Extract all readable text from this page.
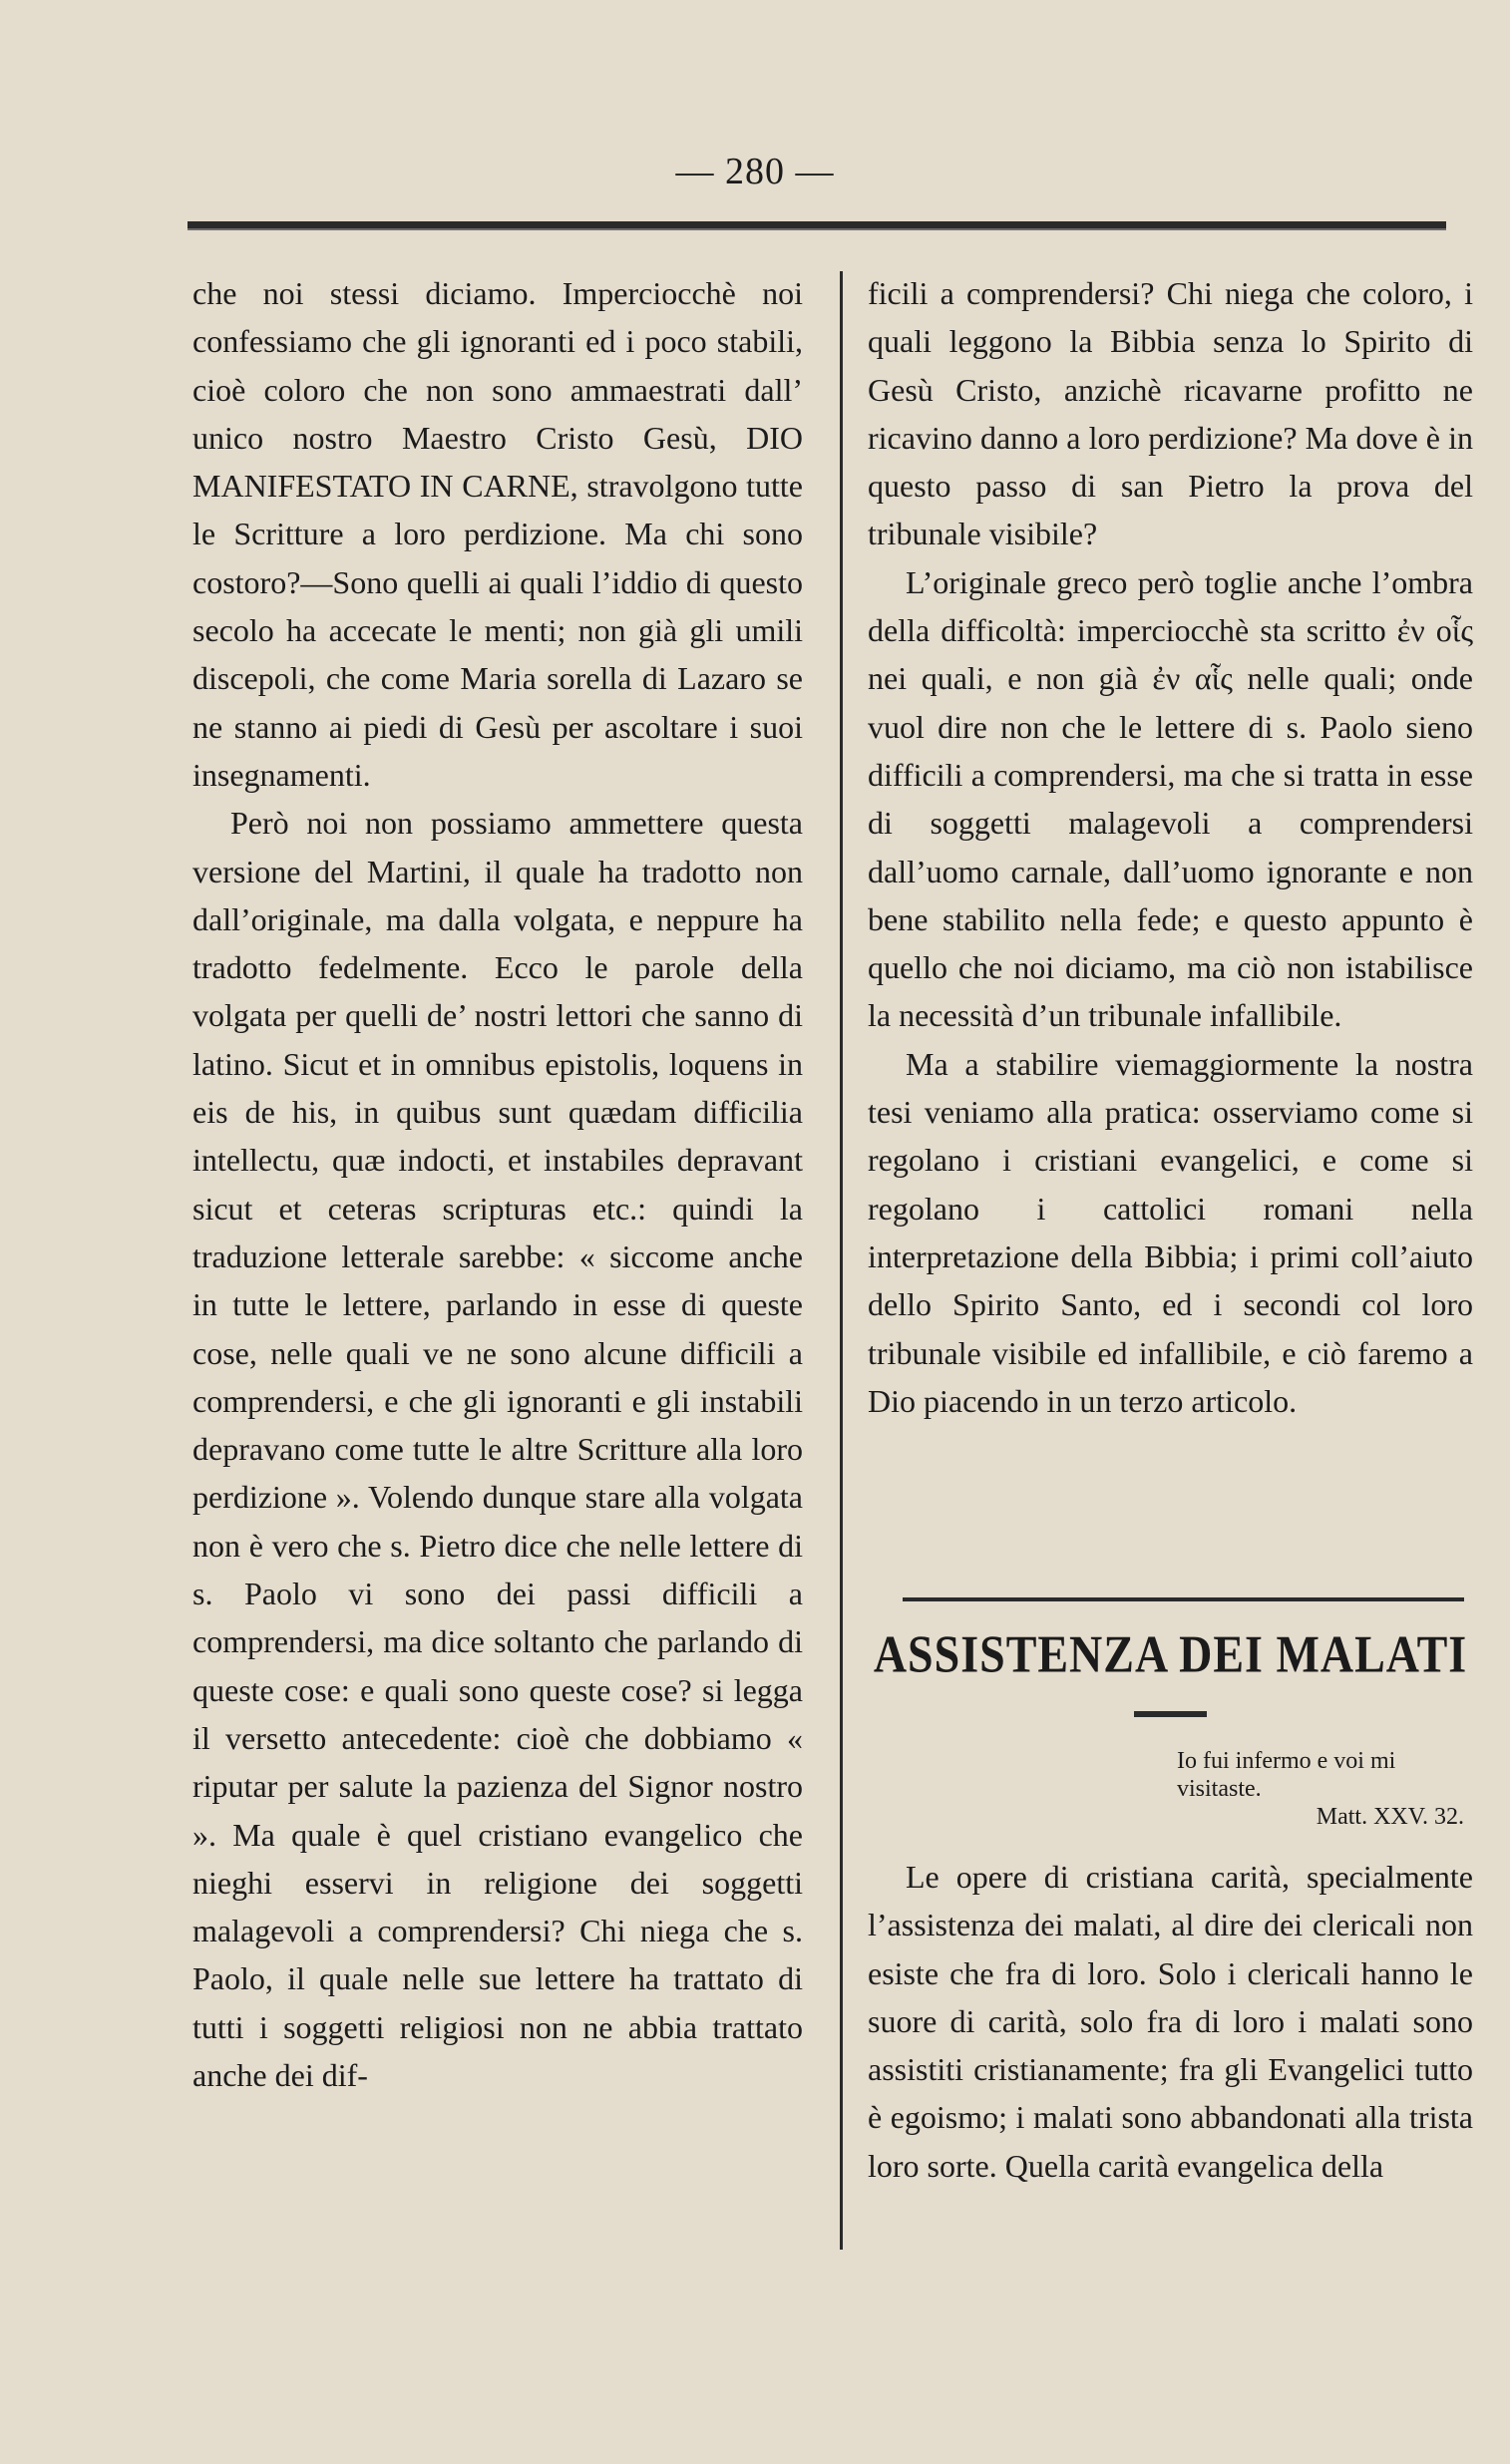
— 280 —

che noi stessi diciamo. Imperciocchè noi confessiamo che gli ignoranti ed i poco stabili, cioè coloro che non sono ammaestrati dall’ unico nostro Maestro Cristo Gesù, DIO MANIFESTATO IN CARNE, stravolgono tutte le Scritture a loro perdizione. Ma chi sono costoro?—Sono quelli ai quali l’iddio di questo secolo ha accecate le menti; non già gli umili discepoli, che come Maria sorella di Lazaro se ne stanno ai piedi di Gesù per ascoltare i suoi insegnamenti.

Però noi non possiamo ammettere questa versione del Martini, il quale ha tradotto non dall’originale, ma dalla volgata, e neppure ha tradotto fedelmente. Ecco le parole della volgata per quelli de’ nostri lettori che sanno di latino. Sicut et in omnibus epistolis, loquens in eis de his, in quibus sunt quædam difficilia intellectu, quæ indocti, et instabiles depravant sicut et ceteras scripturas etc.: quindi la traduzione letterale sarebbe: « siccome anche in tutte le lettere, parlando in esse di queste cose, nelle quali ve ne sono alcune difficili a comprendersi, e che gli ignoranti e gli instabili depravano come tutte le altre Scritture alla loro perdizione ». Volendo dunque stare alla volgata non è vero che s. Pietro dice che nelle lettere di s. Paolo vi sono dei passi difficili a comprendersi, ma dice soltanto che parlando di queste cose: e quali sono queste cose? si legga il versetto antecedente: cioè che dobbiamo « riputar per salute la pazienza del Signor nostro ». Ma quale è quel cristiano evangelico che nieghi esservi in religione dei soggetti malagevoli a comprendersi? Chi niega che s. Paolo, il quale nelle sue lettere ha trattato di tutti i soggetti religiosi non ne abbia trattato anche dei dif-

ficili a comprendersi? Chi niega che coloro, i quali leggono la Bibbia senza lo Spirito di Gesù Cristo, anzichè ricavarne profitto ne ricavino danno a loro perdizione? Ma dove è in questo passo di san Pietro la prova del tribunale visibile?

L’originale greco però toglie anche l’ombra della difficoltà: imperciocchè sta scritto ἐν οἷς nei quali, e non già ἐν αἷς nelle quali; onde vuol dire non che le lettere di s. Paolo sieno difficili a comprendersi, ma che si tratta in esse di soggetti malagevoli a comprendersi dall’uomo carnale, dall’uomo ignorante e non bene stabilito nella fede; e questo appunto è quello che noi diciamo, ma ciò non istabilisce la necessità d’un tribunale infallibile.

Ma a stabilire viemaggiormente la nostra tesi veniamo alla pratica: osserviamo come si regolano i cristiani evangelici, e come si regolano i cattolici romani nella interpretazione della Bibbia; i primi coll’aiuto dello Spirito Santo, ed i secondi col loro tribunale visibile ed infallibile, e ciò faremo a Dio piacendo in un terzo articolo.

ASSISTENZA DEI MALATI
Io fui infermo e voi mi visitaste.
Matt. XXV. 32.

Le opere di cristiana carità, specialmente l’assistenza dei malati, al dire dei clericali non esiste che fra di loro. Solo i clericali hanno le suore di carità, solo fra di loro i malati sono assistiti cristianamente; fra gli Evangelici tutto è egoismo; i malati sono abbandonati alla trista loro sorte. Quella carità evangelica della
